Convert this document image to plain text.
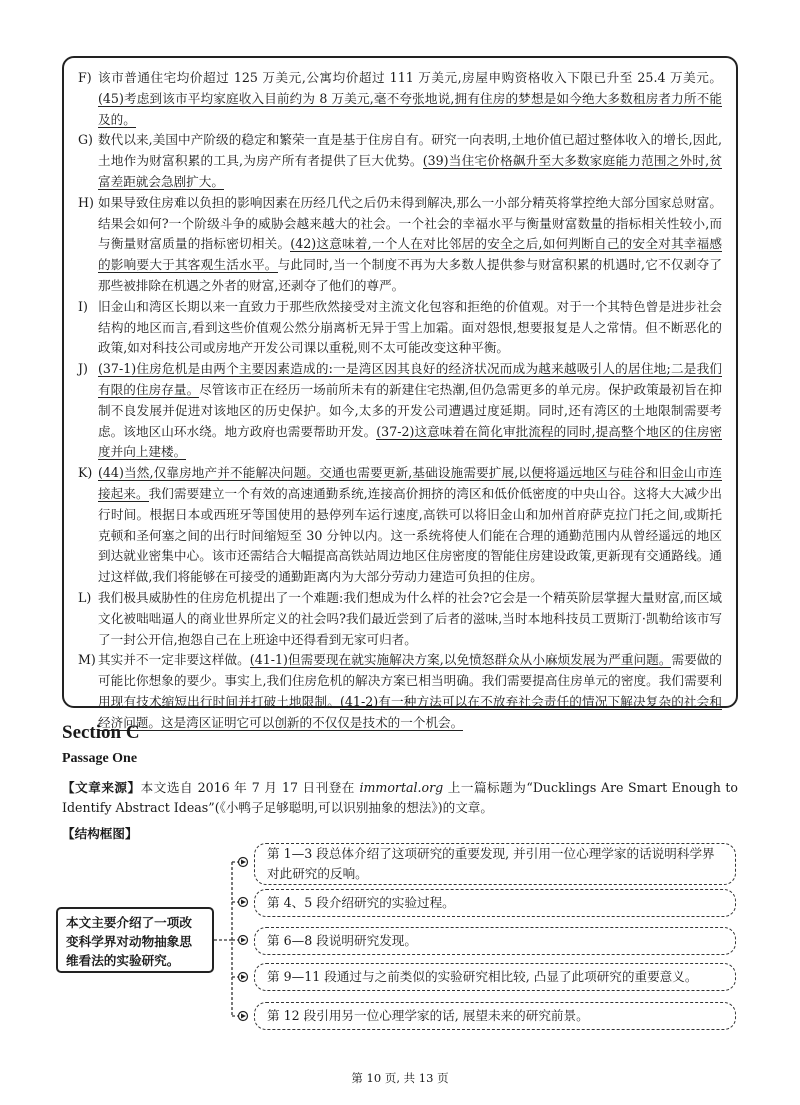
F) 该市普通住宅均价超过 125 万美元,公寓均价超过 111 万美元,房屋申购资格收入下限已升至 25.4 万美元。(45)考虑到该市平均家庭收入目前约为 8 万美元,毫不夸张地说,拥有住房的梦想是如今绝大多数租房者力所不能及的。

G) 数代以来,美国中产阶级的稳定和繁荣一直是基于住房自有。研究一向表明,土地价值已超过整体收入的增长,因此,土地作为财富积累的工具,为房产所有者提供了巨大优势。(39)当住宅价格飙升至大多数家庭能力范围之外时,贫富差距就会急剧扩大。

H) 如果导致住房难以负担的影响因素在历经几代之后仍未得到解决,那么一小部分精英将掌控绝大部分国家总财富。结果会如何?一个阶级斗争的威胁会越来越大的社会。一个社会的幸福水平与衡量财富数量的指标相关性较小,而与衡量财富质量的指标密切相关。(42)这意味着,一个人在对比邻居的安全之后,如何判断自己的安全对其幸福感的影响要大于其客观生活水平。与此同时,当一个制度不再为大多数人提供参与财富积累的机遇时,它不仅剥夺了那些被排除在机遇之外者的财富,还剥夺了他们的尊严。

I) 旧金山和湾区长期以来一直致力于那些欣然接受对主流文化包容和拒绝的价值观。对于一个其特色曾是进步社会结构的地区而言,看到这些价值观公然分崩离析无异于雪上加霜。面对怨恨,想要报复是人之常情。但不断恶化的政策,如对科技公司或房地产开发公司课以重税,则不太可能改变这种平衡。

J) (37-1)住房危机是由两个主要因素造成的:一是湾区因其良好的经济状况而成为越来越吸引人的居住地;二是我们有限的住房存量。尽管该市正在经历一场前所未有的新建住宅热潮,但仍急需更多的单元房。保护政策最初旨在抑制不良发展并促进对该地区的历史保护。如今,太多的开发公司遭遇过度延期。同时,还有湾区的土地限制需要考虑。该地区山环水绕。地方政府也需要帮助开发。(37-2)这意味着在简化审批流程的同时,提高整个地区的住房密度并向上建楼。

K) (44)当然,仅靠房地产并不能解决问题。交通也需要更新,基础设施需要扩展,以便将遥远地区与硅谷和旧金山市连接起来。我们需要建立一个有效的高速通勤系统,连接高价拥挤的湾区和低价低密度的中央山谷。这将大大减少出行时间。根据日本或西班牙等国使用的悬停列车运行速度,高铁可以将旧金山和加州首府萨克拉门托之间,或斯托克顿和圣何塞之间的出行时间缩短至 30 分钟以内。这一系统将使人们能在合理的通勤范围内从曾经遥远的地区到达就业密集中心。该市还需结合大幅提高高铁站周边地区住房密度的智能住房建设政策,更新现有交通路线。通过这样做,我们将能够在可接受的通勤距离内为大部分劳动力建造可负担的住房。

L) 我们极具威胁性的住房危机提出了一个难题:我们想成为什么样的社会?它会是一个精英阶层掌握大量财富,而区域文化被咄咄逼人的商业世界所定义的社会吗?我们最近尝到了后者的滋味,当时本地科技员工贾斯汀·凯勒给该市写了一封公开信,抱怨自己在上班途中还得看到无家可归者。

M) 其实并不一定非要这样做。(41-1)但需要现在就实施解决方案,以免愤怒群众从小麻烦发展为严重问题。需要做的可能比你想象的要少。事实上,我们住房危机的解决方案已相当明确。我们需要提高住房单元的密度。我们需要利用现有技术缩短出行时间并打破土地限制。(41-2)有一种方法可以在不放弃社会责任的情况下解决复杂的社会和经济问题。这是湾区证明它可以创新的不仅仅是技术的一个机会。

Section C
Passage One

【文章来源】本文选自 2016 年 7 月 17 日刊登在 immortal.org 上一篇标题为“Ducklings Are Smart Enough to Identify Abstract Ideas”(《小鸭子足够聪明,可以识别抽象的想法》)的文章。

【结构框图】

本文主要介绍了一项改变科学界对动物抽象思维看法的实验研究。
第 1—3 段总体介绍了这项研究的重要发现, 并引用一位心理学家的话说明科学界对此研究的反响。
第 4、5 段介绍研究的实验过程。
第 6—8 段说明研究发现。
第 9—11 段通过与之前类似的实验研究相比较, 凸显了此项研究的重要意义。
第 12 段引用另一位心理学家的话, 展望未来的研究前景。

第 10 页, 共 13 页
